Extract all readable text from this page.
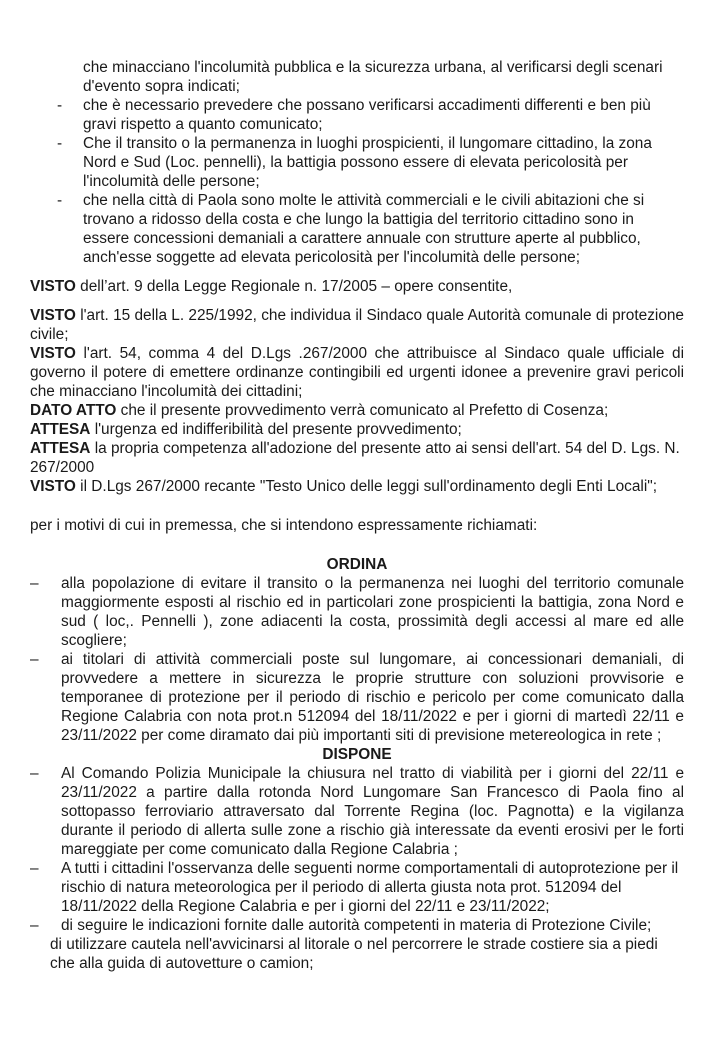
che minacciano l'incolumità pubblica e la sicurezza urbana, al verificarsi degli scenari d'evento sopra indicati;

- che è necessario prevedere che possano verificarsi accadimenti differenti e ben più gravi rispetto a quanto comunicato;
- Che il transito o la permanenza in luoghi prospicienti, il lungomare cittadino, la zona Nord e Sud (Loc. pennelli), la battigia possono essere di elevata pericolosità per l'incolumità delle persone;
- che nella città di Paola sono molte le attività commerciali e le civili abitazioni che si trovano a ridosso della costa e che lungo la battigia del territorio cittadino sono in essere concessioni demaniali a carattere annuale con strutture aperte al pubblico, anch'esse soggette ad elevata pericolosità per l'incolumità delle persone;

VISTO dell’art. 9 della Legge Regionale n. 17/2005 – opere consentite,

VISTO l'art. 15 della L. 225/1992, che individua il Sindaco quale Autorità comunale di protezione civile;

VISTO l'art. 54, comma 4 del D.Lgs .267/2000 che attribuisce al Sindaco quale ufficiale di governo il potere di emettere ordinanze contingibili ed urgenti idonee a prevenire gravi pericoli che minacciano l'incolumità dei cittadini;

DATO ATTO che il presente provvedimento verrà comunicato al Prefetto di Cosenza;

ATTESA l'urgenza ed indifferibilità del presente provvedimento;

ATTESA la propria competenza all'adozione del presente atto ai sensi dell'art. 54 del D. Lgs. N. 267/2000

VISTO il D.Lgs 267/2000 recante "Testo Unico delle leggi sull'ordinamento degli Enti Locali";

per i motivi di cui in premessa, che si intendono espressamente richiamati:

ORDINA

– alla popolazione di evitare il transito o la permanenza nei luoghi del territorio comunale maggiormente esposti al rischio ed in particolari zone prospicienti la battigia, zona Nord e sud ( loc,. Pennelli ), zone adiacenti la costa, prossimità degli accessi al mare ed alle scogliere;
– ai titolari di attività commerciali poste sul lungomare, ai concessionari demaniali, di provvedere a mettere in sicurezza le proprie strutture con soluzioni provvisorie e temporanee di protezione per il periodo di rischio e pericolo per come comunicato dalla Regione Calabria con nota prot.n 512094 del 18/11/2022 e per i giorni di martedì 22/11 e 23/11/2022 per come diramato dai più importanti siti di previsione metereologica in rete ;

DISPONE

– Al Comando Polizia Municipale la chiusura nel tratto di viabilità per i giorni del 22/11 e 23/11/2022 a partire dalla rotonda Nord Lungomare San Francesco di Paola fino al sottopasso ferroviario attraversato dal Torrente Regina (loc. Pagnotta) e la vigilanza durante il periodo di allerta sulle zone a rischio già interessate da eventi erosivi per le forti mareggiate per come comunicato dalla Regione Calabria ;
– A tutti i cittadini l'osservanza delle seguenti norme comportamentali di autoprotezione per il rischio di natura meteorologica per il periodo di allerta giusta nota prot. 512094 del 18/11/2022 della Regione Calabria e per i giorni del 22/11 e 23/11/2022;
– di seguire le indicazioni fornite dalle autorità competenti in materia di Protezione Civile;

di utilizzare cautela nell'avvicinarsi al litorale o nel percorrere le strade costiere sia a piedi che alla guida di autovetture o camion;
